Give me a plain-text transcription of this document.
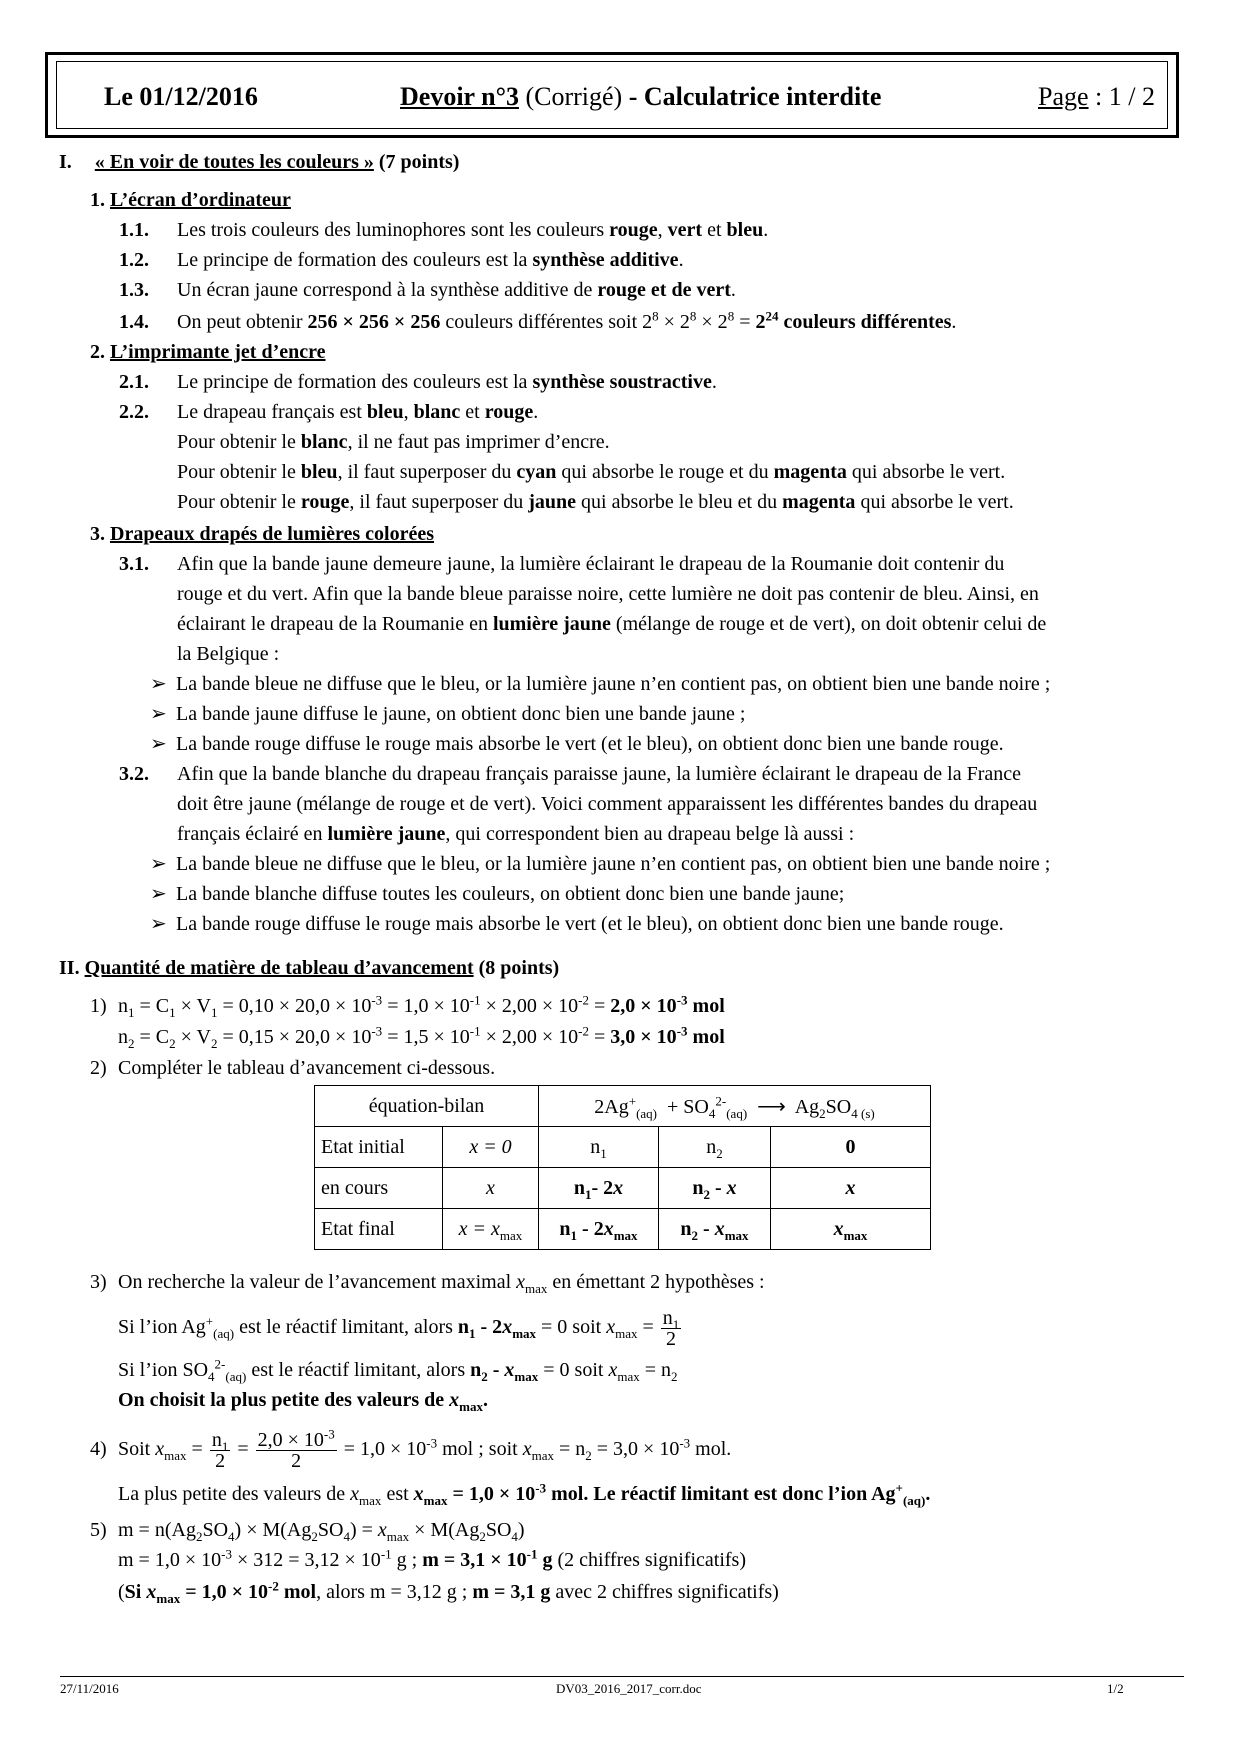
Le 01/12/2016	Devoir n°3 (Corrigé) - Calculatrice interdite	Page : 1 / 2
I. « En voir de toutes les couleurs » (7 points)
1. L’écran d’ordinateur
1.1. Les trois couleurs des luminophores sont les couleurs rouge, vert et bleu.
1.2. Le principe de formation des couleurs est la synthèse additive.
1.3. Un écran jaune correspond à la synthèse additive de rouge et de vert.
1.4. On peut obtenir 256 × 256 × 256 couleurs différentes soit $2^8 \times 2^8 \times 2^8 = 2^{24}$ couleurs différentes.
2. L’imprimante jet d’encre
2.1. Le principe de formation des couleurs est la synthèse soustractive.
2.2. Le drapeau français est bleu, blanc et rouge.
Pour obtenir le blanc, il ne faut pas imprimer d’encre.
Pour obtenir le bleu, il faut superposer du cyan qui absorbe le rouge et du magenta qui absorbe le vert.
Pour obtenir le rouge, il faut superposer du jaune qui absorbe le bleu et du magenta qui absorbe le vert.
3. Drapeaux drapés de lumières colorées
3.1. Afin que la bande jaune demeure jaune, la lumière éclairant le drapeau de la Roumanie doit contenir du
rouge et du vert. Afin que la bande bleue paraisse noire, cette lumière ne doit pas contenir de bleu. Ainsi, en
éclairant le drapeau de la Roumanie en lumière jaune (mélange de rouge et de vert), on doit obtenir celui de
la Belgique :
➢ La bande bleue ne diffuse que le bleu, or la lumière jaune n’en contient pas, on obtient bien une bande noire ;
➢ La bande jaune diffuse le jaune, on obtient donc bien une bande jaune ;
➢ La bande rouge diffuse le rouge mais absorbe le vert (et le bleu), on obtient donc bien une bande rouge.
3.2. Afin que la bande blanche du drapeau français paraisse jaune, la lumière éclairant le drapeau de la France
doit être jaune (mélange de rouge et de vert). Voici comment apparaissent les différentes bandes du drapeau
français éclairé en lumière jaune, qui correspondent bien au drapeau belge là aussi :
➢ La bande bleue ne diffuse que le bleu, or la lumière jaune n’en contient pas, on obtient bien une bande noire ;
➢ La bande blanche diffuse toutes les couleurs, on obtient donc bien une bande jaune;
➢ La bande rouge diffuse le rouge mais absorbe le vert (et le bleu), on obtient donc bien une bande rouge.
II. Quantité de matière de tableau d’avancement (8 points)
1) $n_1 = C_1 \times V_1 = 0,10 \times 20,0 \times 10^{-3} = 1,0 \times 10^{-1} \times 2,00 \times 10^{-2} = 2,0 \times 10^{-3}$ mol
$n_2 = C_2 \times V_2 = 0,15 \times 20,0 \times 10^{-3} = 1,5 \times 10^{-1} \times 2,00 \times 10^{-2} = 3,0 \times 10^{-3}$ mol
2) Compléter le tableau d’avancement ci-dessous.
équation-bilan		$2Ag^+_{(aq)} + SO_4^{2-}_{(aq)}$ ⟶  $Ag_2SO_{4 (s)}$
Etat initial	x = 0	$n_1$	$n_2$	0
en cours	x	$n_1-$ 2x	$n_2$ - x	x
Etat final	$x = x_{max}$	$n_1 - 2x_{max}$	$n_2 - x_{max}$	$x_{max}$
3) On recherche la valeur de l’avancement maximal $x_{max}$ en émettant 2 hypothèses :
Si l’ion $Ag^+_{(aq)}$ est le réactif limitant, alors $n_1 - 2x_{max} = 0$ soit $x_{max} = \frac{n_1}{2}$
Si l’ion $SO_4^{2-}_{(aq)}$ est le réactif limitant, alors $n_2 - x_{max} = 0$ soit $x_{max} = n_2$
On choisit la plus petite des valeurs de $x_{max}$.
4) Soit $x_{max} = \frac{n_1}{2} = \frac{2,0 \times 10^{-3}}{2} = 1,0 \times 10^{-3}$ mol ; soit $x_{max} = n_2 = 3,0 \times 10^{-3}$ mol.
La plus petite des valeurs de $x_{max}$ est $x_{max} = 1,0 \times 10^{-3}$ mol. Le réactif limitant est donc l’ion $Ag^+_{(aq)}$.
5) $m = n(Ag_2SO_4) \times M(Ag_2SO_4) = x_{max} \times M(Ag_2SO_4)$
$m = 1,0 \times 10^{-3} \times 312 = 3,12 \times 10^{-1}$ g ; $m = 3,1 \times 10^{-1}$ g (2 chiffres significatifs)
(Si $x_{max} = 1,0 \times 10^{-2}$ mol, alors m = 3,12 g ; m = 3,1 g avec 2 chiffres significatifs)
27/11/2016	DV03_2016_2017_corr.doc	1/2
